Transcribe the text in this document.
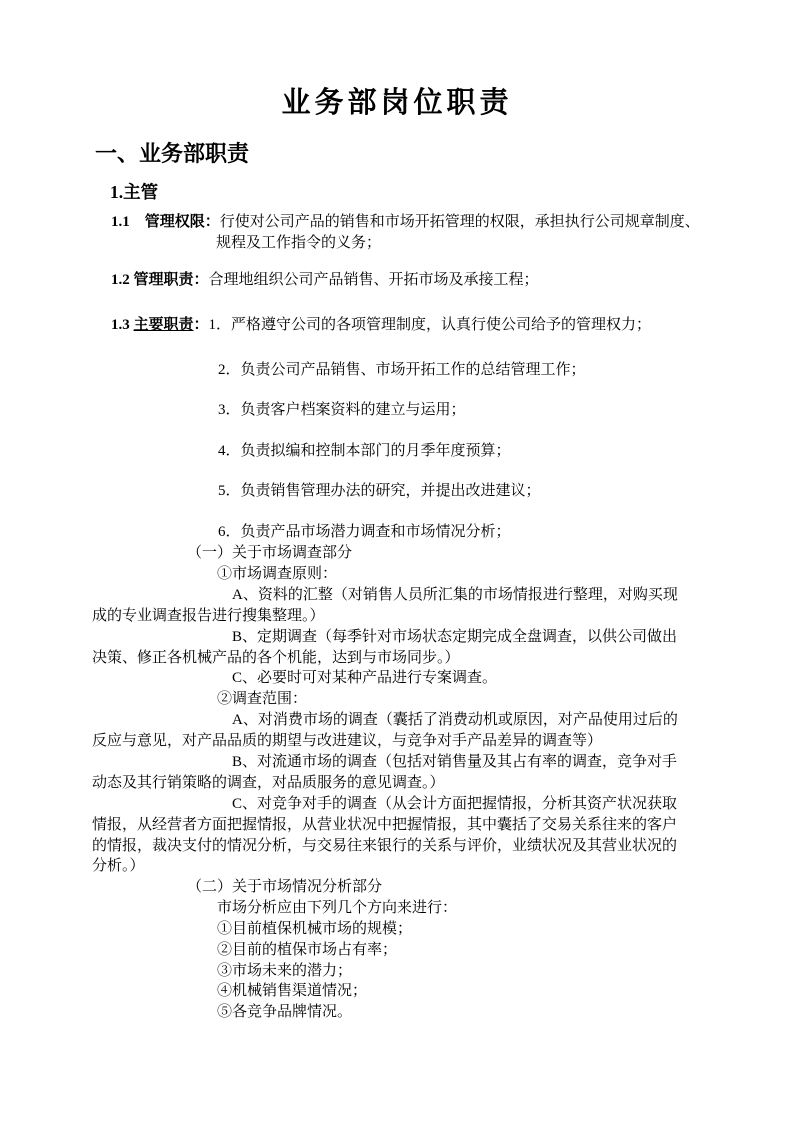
业务部岗位职责
一、业务部职责
1.主管
1.1　管理权限：行使对公司产品的销售和市场开拓管理的权限，承担执行公司规章制度、
规程及工作指令的义务；
1.2 管理职责：合理地组织公司产品销售、开拓市场及承接工程；
1.3 主要职责：1．严格遵守公司的各项管理制度，认真行使公司给予的管理权力；
2．负责公司产品销售、市场开拓工作的总结管理工作；
3．负责客户档案资料的建立与运用；
4．负责拟编和控制本部门的月季年度预算；
5．负责销售管理办法的研究，并提出改进建议；
6．负责产品市场潜力调查和市场情况分析；
（一）关于市场调查部分
①市场调查原则：
A、资料的汇整（对销售人员所汇集的市场情报进行整理，对购买现
成的专业调查报告进行搜集整理。）
B、定期调查（每季针对市场状态定期完成全盘调查，以供公司做出
决策、修正各机械产品的各个机能，达到与市场同步。）
C、必要时可对某种产品进行专案调查。
②调查范围：
A、对消费市场的调查（囊括了消费动机或原因，对产品使用过后的
反应与意见，对产品品质的期望与改进建议，与竞争对手产品差异的调查等）
B、对流通市场的调查（包括对销售量及其占有率的调查，竞争对手
动态及其行销策略的调查，对品质服务的意见调查。）
C、对竞争对手的调查（从会计方面把握情报，分析其资产状况获取
情报，从经营者方面把握情报，从营业状况中把握情报，其中囊括了交易关系往来的客户
的情报，裁决支付的情况分析，与交易往来银行的关系与评价，业绩状况及其营业状况的
分析。）
（二）关于市场情况分析部分
市场分析应由下列几个方向来进行：
①目前植保机械市场的规模；
②目前的植保市场占有率；
③市场未来的潜力；
④机械销售渠道情况；
⑤各竞争品牌情况。
